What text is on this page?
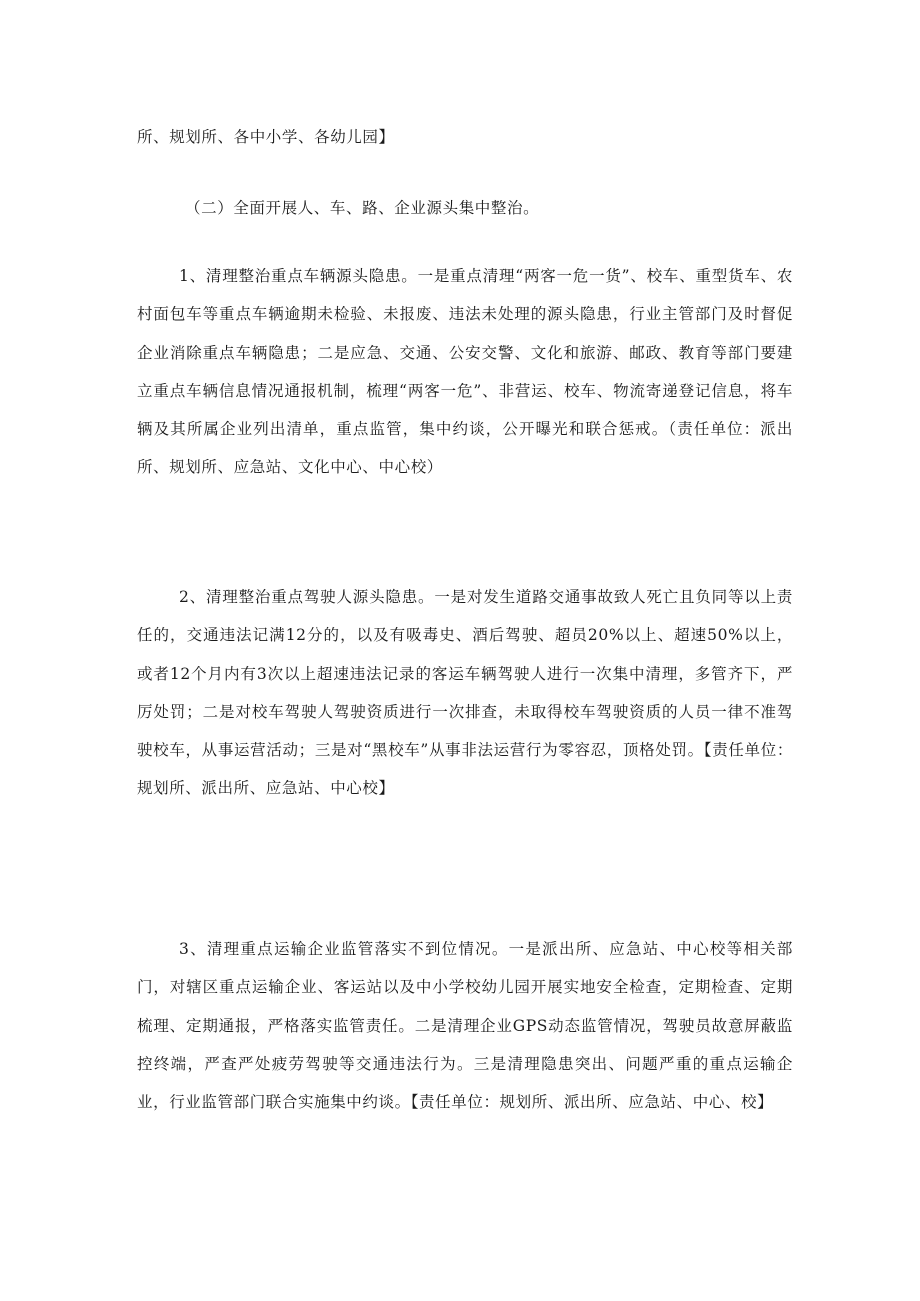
所、规划所、各中小学、各幼儿园】

（二）全面开展人、车、路、企业源头集中整治。

1、清理整治重点车辆源头隐患。一是重点清理“两客一危一货”、校车、重型货车、农村面包车等重点车辆逾期未检验、未报废、违法未处理的源头隐患，行业主管部门及时督促企业消除重点车辆隐患；二是应急、交通、公安交警、文化和旅游、邮政、教育等部门要建立重点车辆信息情况通报机制，梳理“两客一危”、非营运、校车、物流寄递登记信息，将车辆及其所属企业列出清单，重点监管，集中约谈，公开曝光和联合惩戒。（责任单位：派出所、规划所、应急站、文化中心、中心校）

2、清理整治重点驾驶人源头隐患。一是对发生道路交通事故致人死亡且负同等以上责任的，交通违法记满12分的，以及有吸毒史、酒后驾驶、超员20%以上、超速50%以上，或者12个月内有3次以上超速违法记录的客运车辆驾驶人进行一次集中清理，多管齐下，严厉处罚；二是对校车驾驶人驾驶资质进行一次排查，未取得校车驾驶资质的人员一律不准驾驶校车，从事运营活动；三是对“黑校车”从事非法运营行为零容忍，顶格处罚。【责任单位：规划所、派出所、应急站、中心校】

3、清理重点运输企业监管落实不到位情况。一是派出所、应急站、中心校等相关部门，对辖区重点运输企业、客运站以及中小学校幼儿园开展实地安全检查，定期检查、定期梳理、定期通报，严格落实监管责任。二是清理企业GPS动态监管情况，驾驶员故意屏蔽监控终端，严查严处疲劳驾驶等交通违法行为。三是清理隐患突出、问题严重的重点运输企业，行业监管部门联合实施集中约谈。【责任单位：规划所、派出所、应急站、中心、校】
